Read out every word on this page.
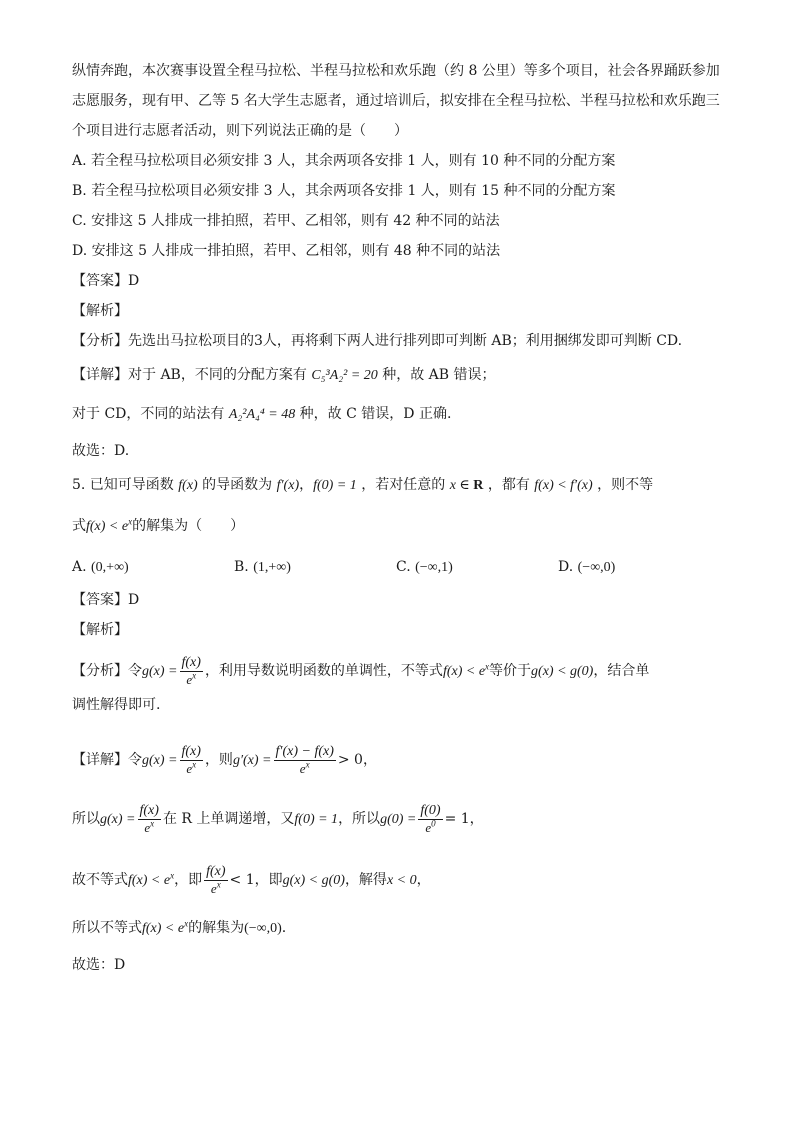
纵情奔跑，本次赛事设置全程马拉松、半程马拉松和欢乐跑（约 8 公里）等多个项目，社会各界踊跃参加
志愿服务，现有甲、乙等 5 名大学生志愿者，通过培训后，拟安排在全程马拉松、半程马拉松和欢乐跑三
个项目进行志愿者活动，则下列说法正确的是（　　）
A. 若全程马拉松项目必须安排 3 人，其余两项各安排 1 人，则有 10 种不同的分配方案
B. 若全程马拉松项目必须安排 3 人，其余两项各安排 1 人，则有 15 种不同的分配方案
C. 安排这 5 人排成一排拍照，若甲、乙相邻，则有 42 种不同的站法
D. 安排这 5 人排成一排拍照，若甲、乙相邻，则有 48 种不同的站法
【答案】D
【解析】
【分析】先选出马拉松项目的3人，再将剩下两人进行排列即可判断 AB；利用捆绑发即可判断 CD.
【详解】对于 AB，不同的分配方案有 C₅³A₂² = 20 种，故 AB 错误；
对于 CD，不同的站法有 A₂²A₄⁴ = 48 种，故 C 错误，D 正确.
故选：D.
5. 已知可导函数 f(x) 的导函数为 f′(x)，f(0) = 1 ，若对任意的 x ∈ R ，都有 f(x) < f′(x) ，则不等
式$f(x) < e^x$的解集为（　　）
A. (0,+∞)	B. (1,+∞)	C. (−∞,1)	D. (−∞,0)
【答案】D
【解析】
【分析】令$g(x) = \frac{f(x)}{e^x}$ ，利用导数说明函数的单调性，不等式$f(x) < e^x$等价于g(x) < g(0)，结合单
调性解得即可.
【详解】令$g(x) = \frac{f(x)}{e^x}$ ，则$g'(x) = \frac{f'(x) - f(x)}{e^x} > 0$，
所以$g(x) = \frac{f(x)}{e^x}$ 在 R 上单调递增，又f(0) = 1，所以$g(0) = \frac{f(0)}{e^0} = 1$，
故不等式$f(x) < e^x$，即 $\frac{f(x)}{e^x} < 1$，即g(x) < g(0)，解得x < 0，
所以不等式$f(x) < e^x$的解集为(−∞,0).
故选：D
